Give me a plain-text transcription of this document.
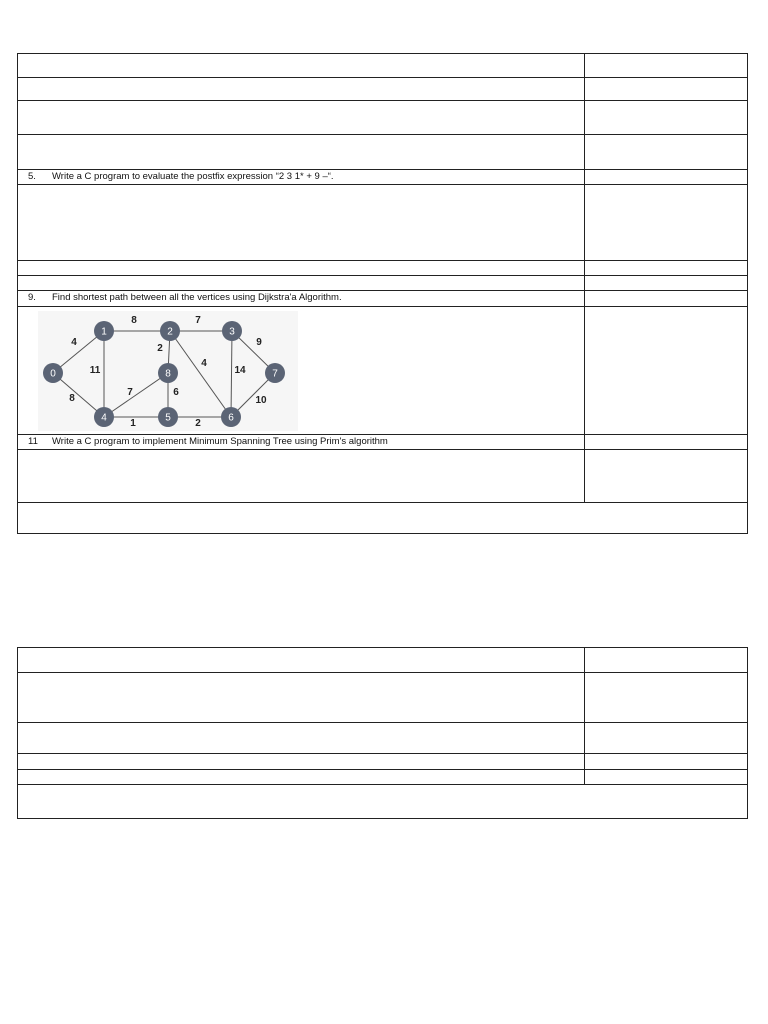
5. Write a C program to evaluate the postfix expression “2 3 1* + 9 –“.
9. Find shortest path between all the vertices using Dijkstra'a Algorithm.
4
8
8
11
7
2
4
9
14
10
7	6
1	2
0
1	2	3
4	5	6
7
8
11 Write a C program to implement Minimum Spanning Tree using Prim's algorithm
